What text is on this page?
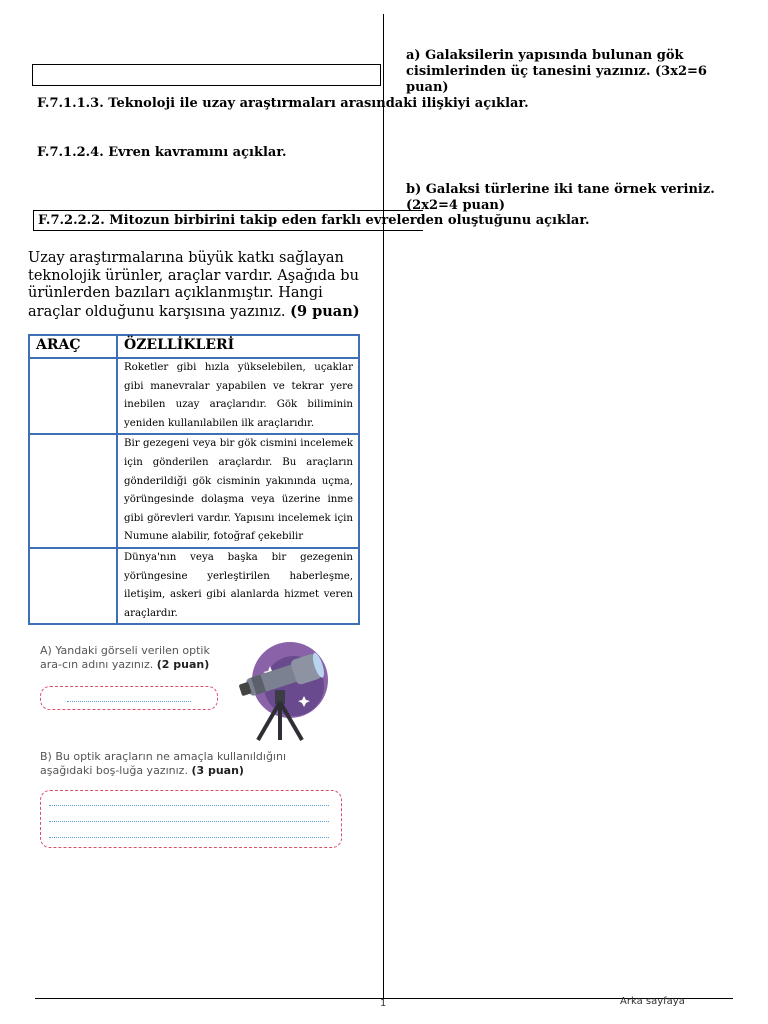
F.7.1.1.3. Teknoloji ile uzay araştırmaları arasındaki ilişkiyi açıklar.
F.7.1.2.4. Evren kavramını açıklar.
F.7.2.2.2. Mitozun birbirini takip eden farklı evrelerden oluştuğunu açıklar.
a) Galaksilerin yapısında bulunan gök cisimlerinden üç tanesini yazınız. (3x2=6 puan)
b) Galaksi türlerine iki tane örnek veriniz. (2x2=4 puan)
Uzay araştırmalarına büyük katkı sağlayan teknolojik ürünler, araçlar vardır. Aşağıda bu ürünlerden bazıları açıklanmıştır. Hangi araçlar olduğunu karşısına yazınız. (9 puan)
ARAÇ	ÖZELLİKLERİ
	Roketler gibi hızla yükselebilen, uçaklar gibi manevralar yapabilen ve tekrar yere inebilen uzay araçlarıdır. Gök biliminin yeniden kullanılabilen ilk araçlarıdır.
	Bir gezegeni veya bir gök cismini incelemek için gönderilen araçlardır. Bu araçların gönderildiği gök cisminin yakınında uçma, yörüngesinde dolaşma veya üzerine inme gibi görevleri vardır. Yapısını incelemek için Numune alabilir, fotoğraf çekebilir
	Dünya'nın veya başka bir gezegenin yörüngesine yerleştirilen haberleşme, iletişim, askeri gibi alanlarda hizmet veren araçlardır.
A) Yandaki görseli verilen optik ara-cın adını yazınız. (2 puan)
B) Bu optik araçların ne amaçla kullanıldığını aşağıdaki boş-luğa yazınız. (3 puan)
1	Arka sayfaya
